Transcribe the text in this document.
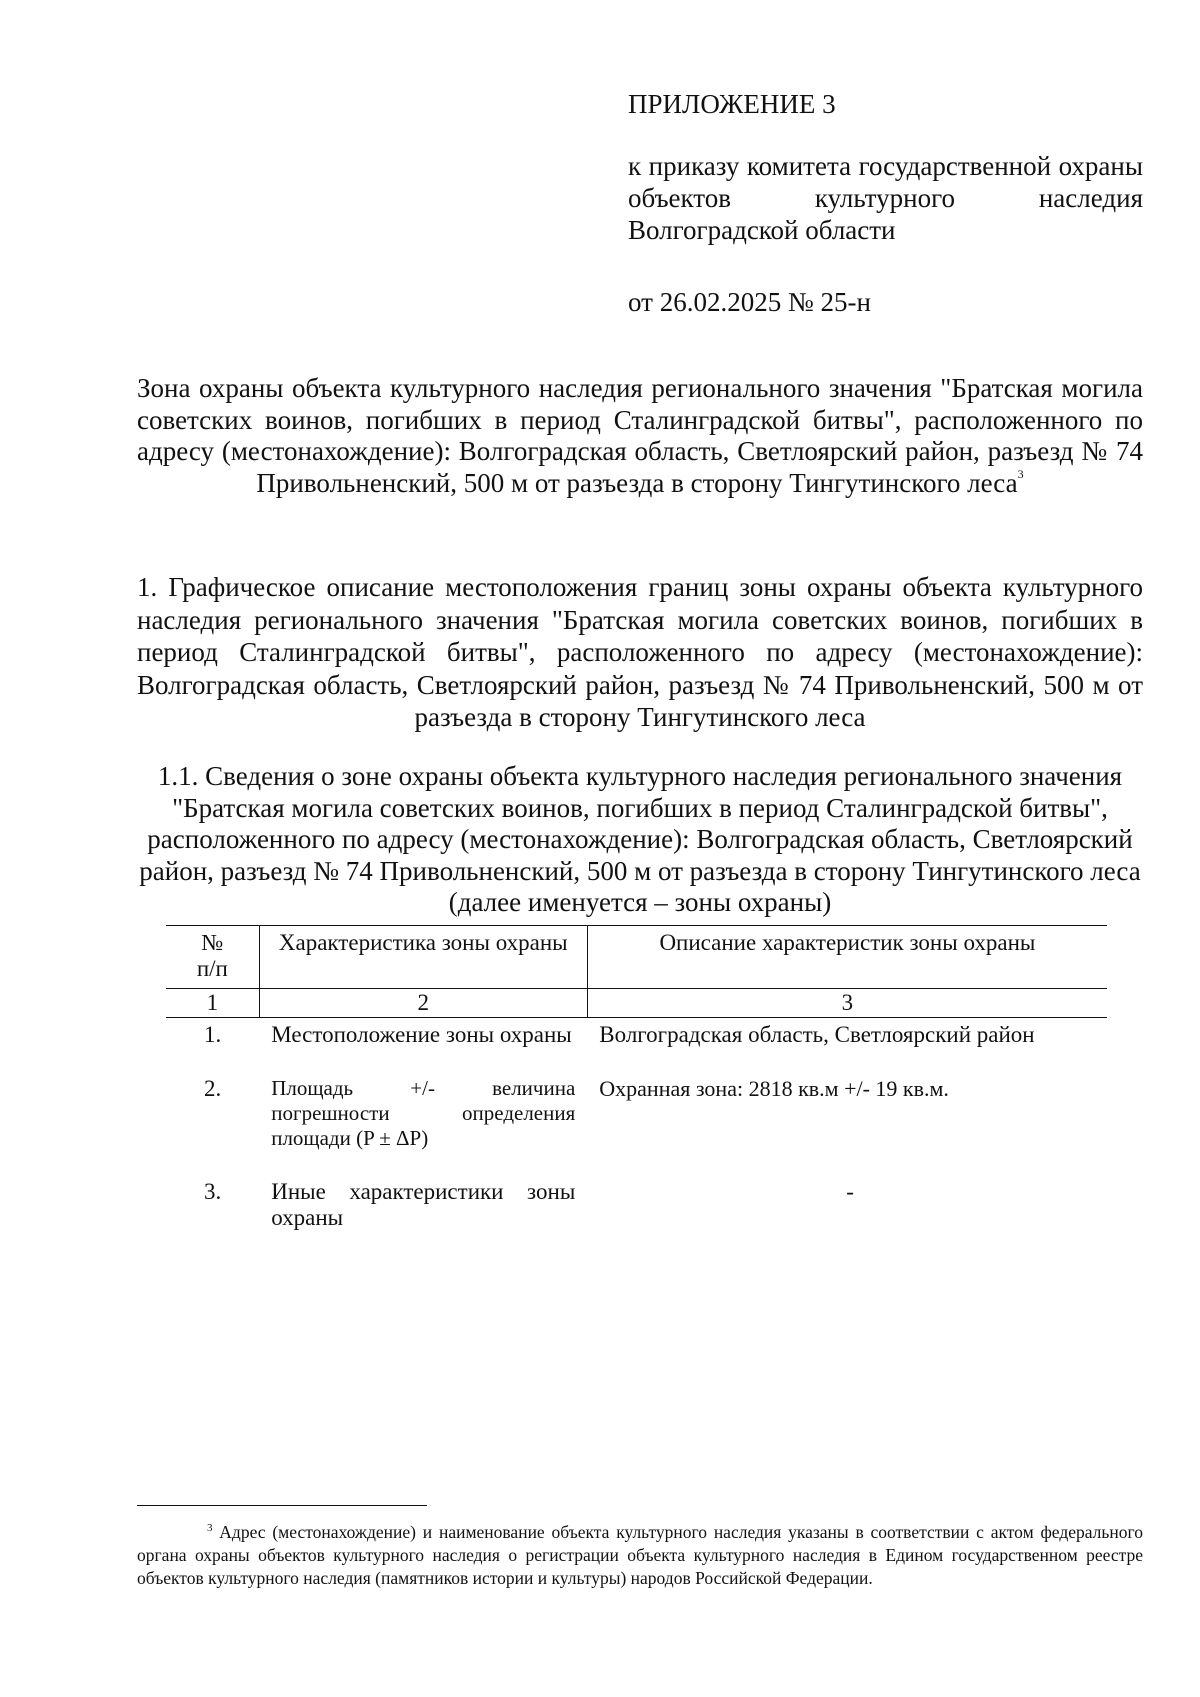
ПРИЛОЖЕНИЕ 3
к приказу комитета государственной охраны объектов культурного наследия Волгоградской области
от 26.02.2025 № 25-н
Зона охраны объекта культурного наследия регионального значения "Братская могила советских воинов, погибших в период Сталинградской битвы", расположенного по адресу (местонахождение): Волгоградская область, Светлоярский район, разъезд № 74 Привольненский, 500 м от разъезда в сторону Тингутинского леса$^3$
1. Графическое описание местоположения границ зоны охраны объекта культурного наследия регионального значения "Братская могила советских воинов, погибших в период Сталинградской битвы", расположенного по адресу (местонахождение): Волгоградская область, Светлоярский район, разъезд № 74 Привольненский, 500 м от разъезда в сторону Тингутинского леса
1.1. Сведения о зоне охраны объекта культурного наследия регионального значения "Братская могила советских воинов, погибших в период Сталинградской битвы", расположенного по адресу (местонахождение): Волгоградская область, Светлоярский район, разъезд № 74 Привольненский, 500 м от разъезда в сторону Тингутинского леса (далее именуется – зоны охраны)
№
п/п	Характеристика зоны охраны	Описание характеристик зоны охраны
1	2	3
1.	Местоположение зоны охраны	Волгоградская область, Светлоярский район
2.	Площадь +/- величина погрешности определения площади (P ± ΔP)	Охранная зона: 2818 кв.м +/- 19 кв.м.
3.	Иные характеристики зоны охраны	-
$^3$ Адрес (местонахождение) и наименование объекта культурного наследия указаны в соответствии с актом федерального органа охраны объектов культурного наследия о регистрации объекта культурного наследия в Едином государственном реестре объектов культурного наследия (памятников истории и культуры) народов Российской Федерации.
